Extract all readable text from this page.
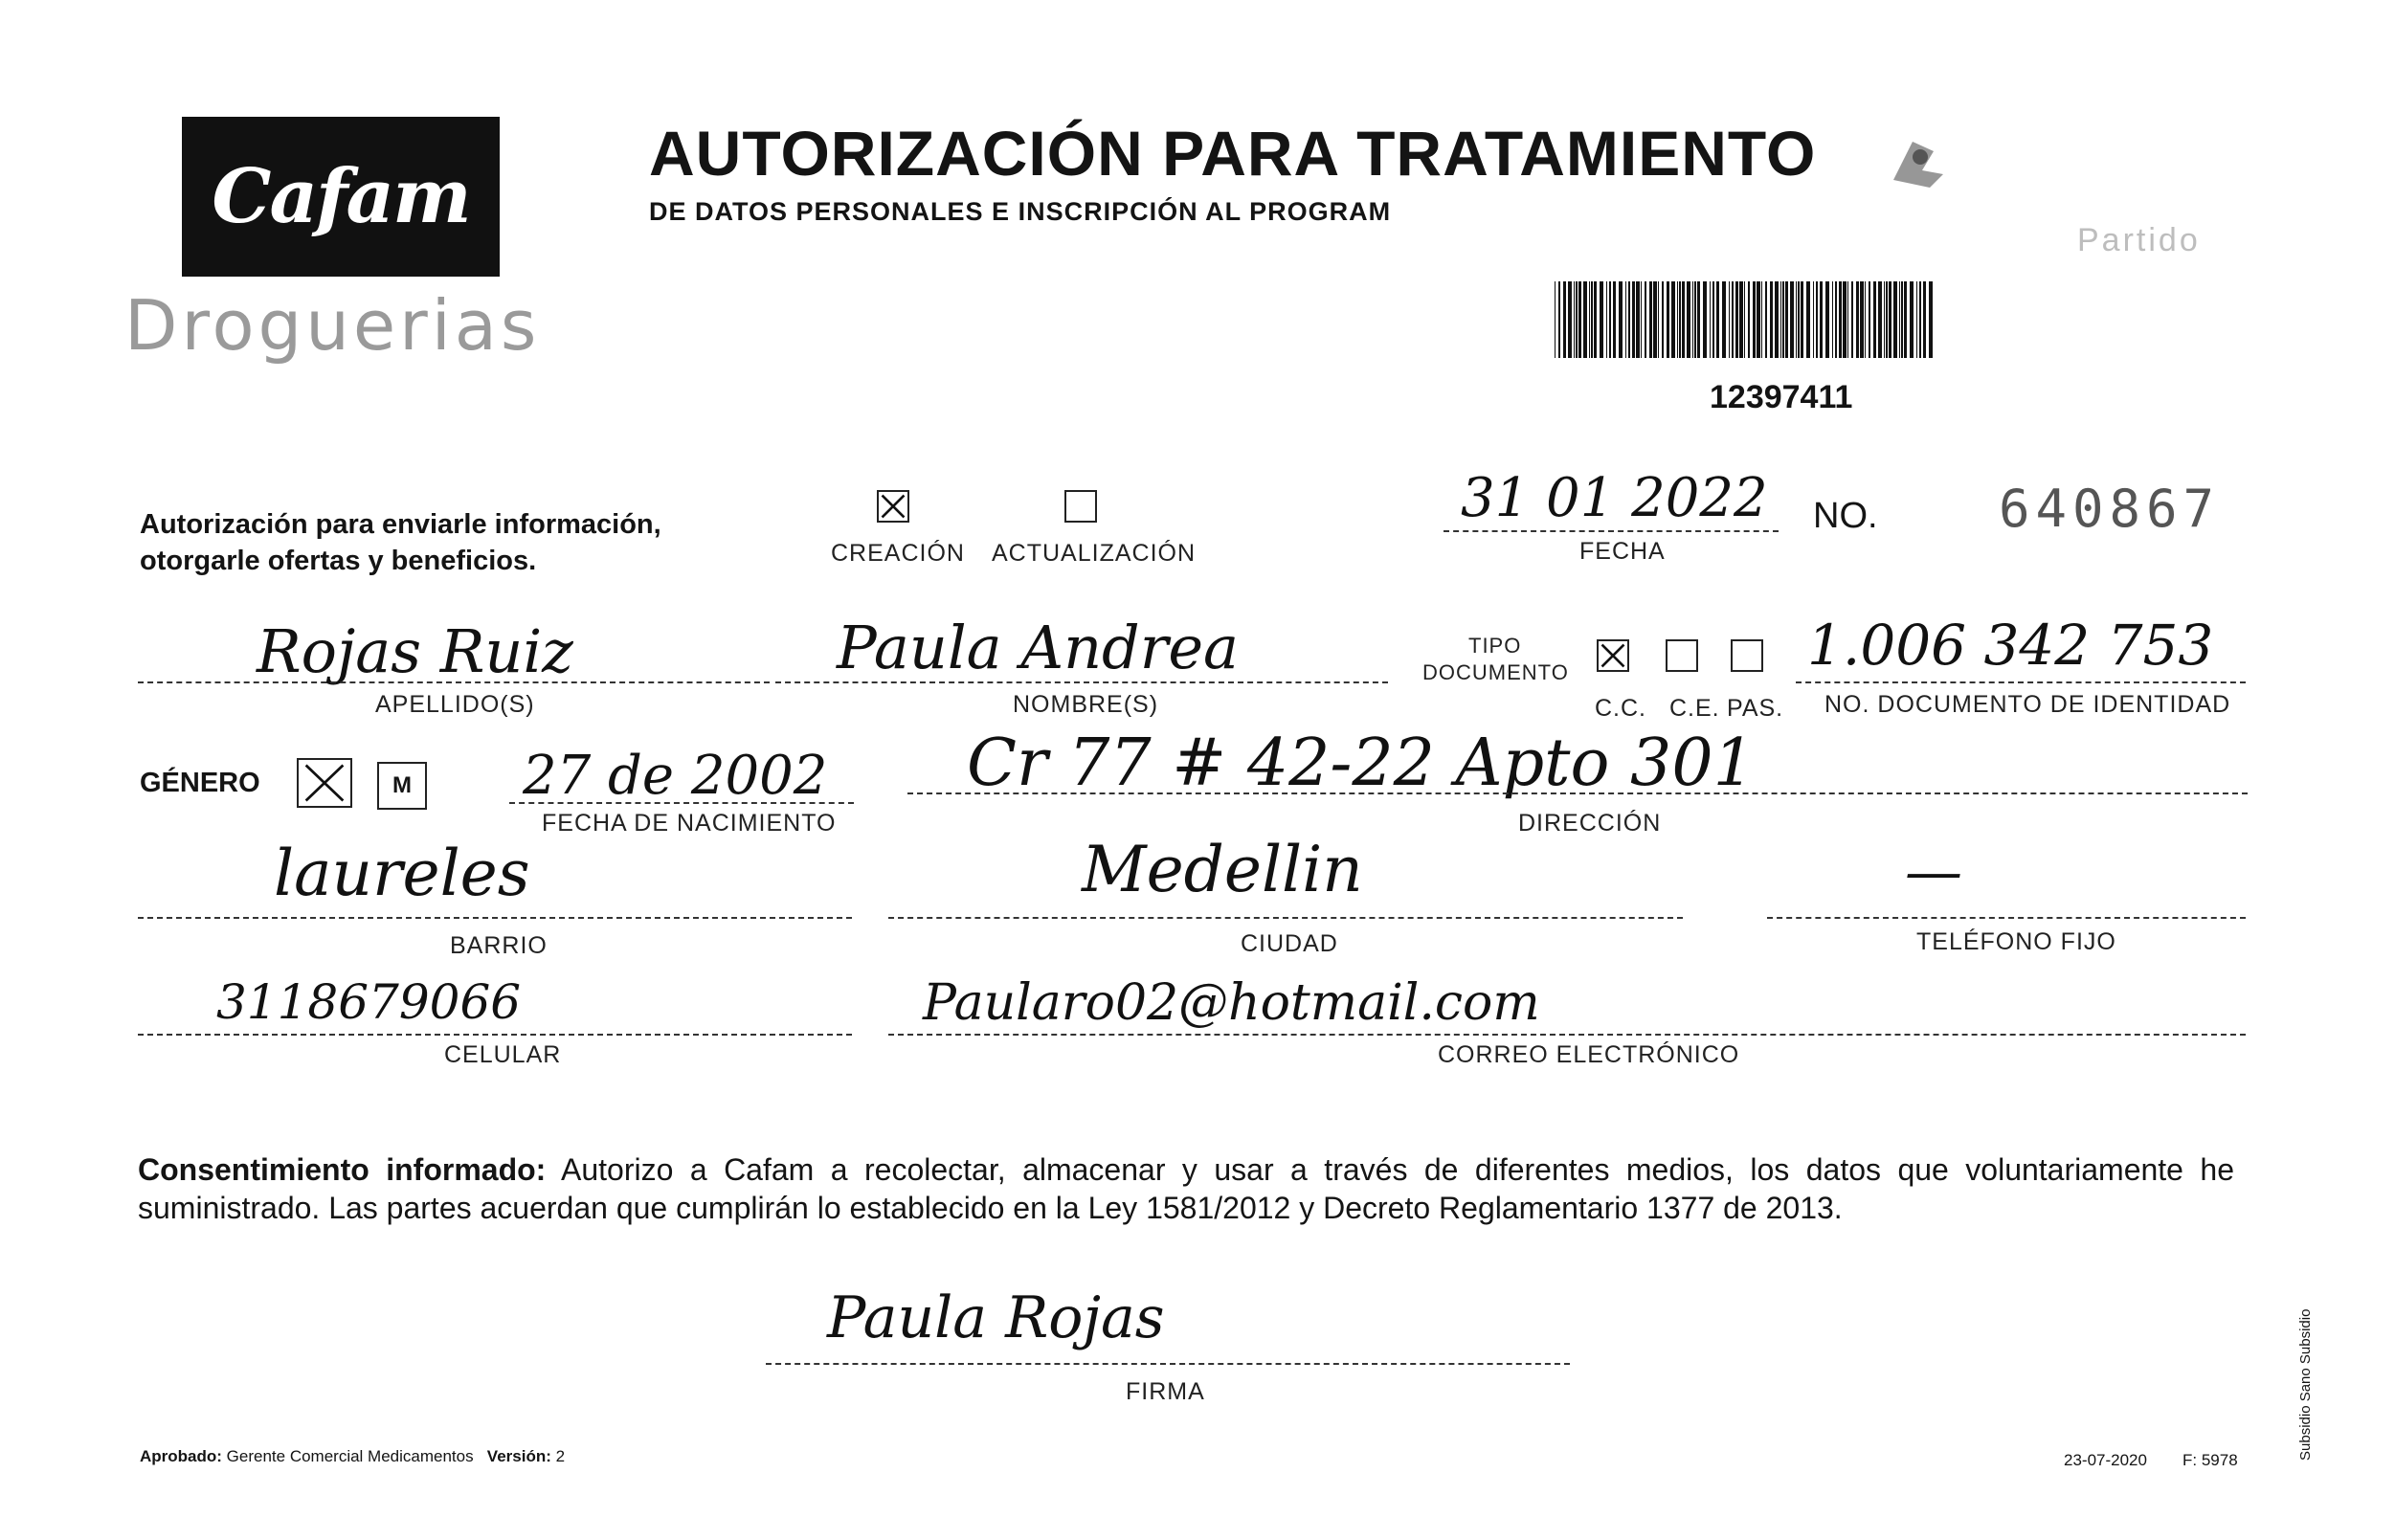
Cafam
Droguerias
AUTORIZACIÓN PARA TRATAMIENTO
DE DATOS PERSONALES E INSCRIPCIÓN AL PROGRAM
Partido
12397411
Autorización para enviarle información,
otorgarle ofertas y beneficios.	CREACIÓN ACTUALIZACIÓN
31 01 2022
FECHA
NO. 640867
Rojas Ruiz
APELLIDO(S)
Paula Andrea
NOMBRE(S)
TIPO
DOCUMENTO
C.C. C.E. PAS.
1.006 342 753
NO. DOCUMENTO DE IDENTIDAD
GÉNERO	M 27 de 2002
FECHA DE NACIMIENTO
Cr 77 # 42-22 Apto 301
DIRECCIÓN
laureles
BARRIO
Medellin
CIUDAD
—
TELÉFONO FIJO
3118679066
CELULAR
Paularo02@hotmail.com
CORREO ELECTRÓNICO
Consentimiento informado: Autorizo a Cafam a recolectar, almacenar y usar a través de diferentes medios, los datos que voluntariamente he suministrado. Las partes acuerdan que cumplirán lo establecido en la Ley 1581/2012 y Decreto Reglamentario 1377 de 2013.
Paula Rojas
FIRMA
Aprobado: Gerente Comercial Medicamentos Versión: 2	23-07-2020 F: 5978	Subsidio Sano Subsidio
